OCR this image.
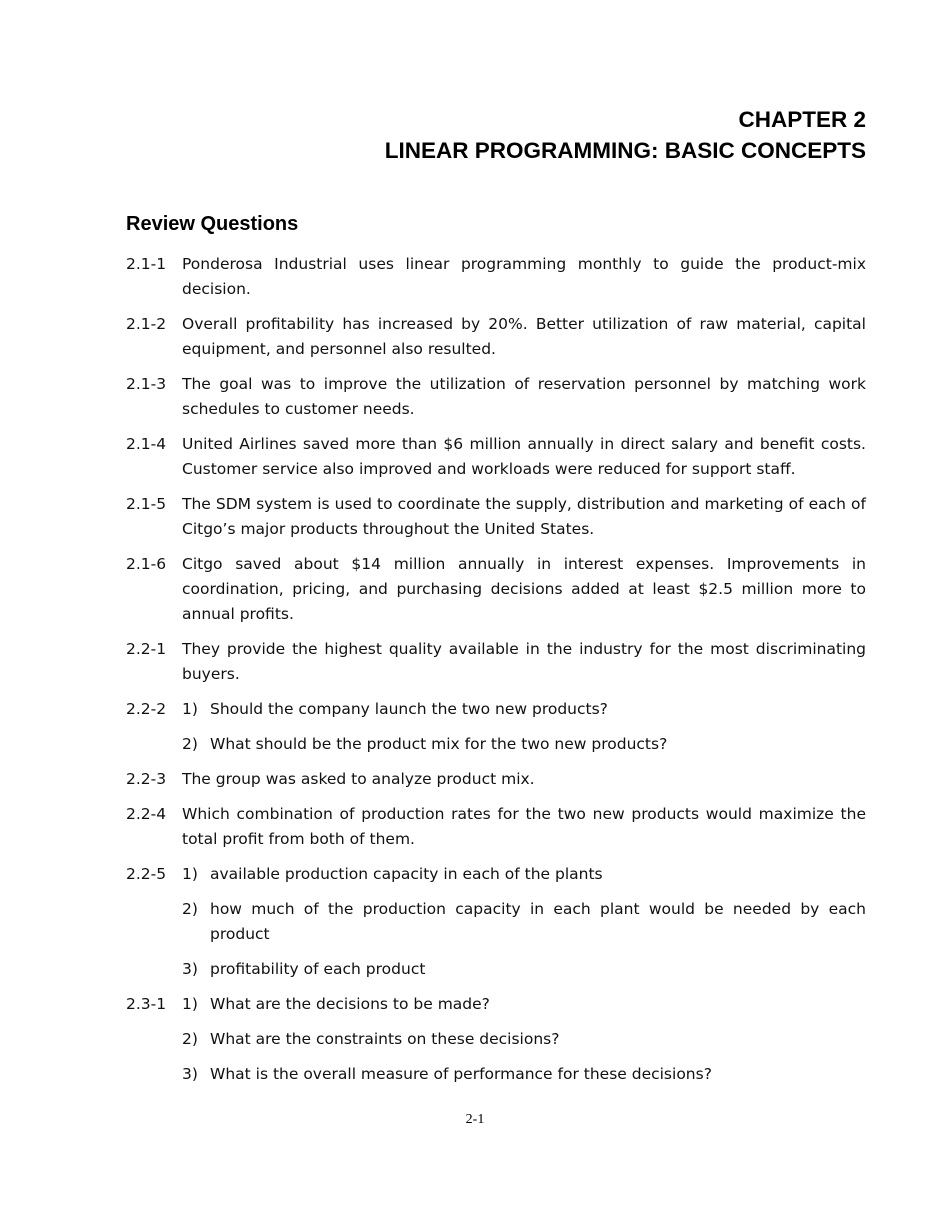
CHAPTER 2
LINEAR PROGRAMMING: BASIC CONCEPTS
Review Questions
2.1-1	Ponderosa Industrial uses linear programming monthly to guide the product-mix decision.
2.1-2	Overall profitability has increased by 20%. Better utilization of raw material, capital equipment, and personnel also resulted.
2.1-3	The goal was to improve the utilization of reservation personnel by matching work schedules to customer needs.
2.1-4	United Airlines saved more than $6 million annually in direct salary and benefit costs. Customer service also improved and workloads were reduced for support staff.
2.1-5	The SDM system is used to coordinate the supply, distribution and marketing of each of Citgo’s major products throughout the United States.
2.1-6	Citgo saved about $14 million annually in interest expenses. Improvements in coordination, pricing, and purchasing decisions added at least $2.5 million more to annual profits.
2.2-1	They provide the highest quality available in the industry for the most discriminating buyers.
2.2-2	1) Should the company launch the two new products?
2) What should be the product mix for the two new products?
2.2-3	The group was asked to analyze product mix.
2.2-4	Which combination of production rates for the two new products would maximize the total profit from both of them.
2.2-5	1) available production capacity in each of the plants
2) how much of the production capacity in each plant would be needed by each product
3) profitability of each product
2.3-1	1) What are the decisions to be made?
2) What are the constraints on these decisions?
3) What is the overall measure of performance for these decisions?
2-1
